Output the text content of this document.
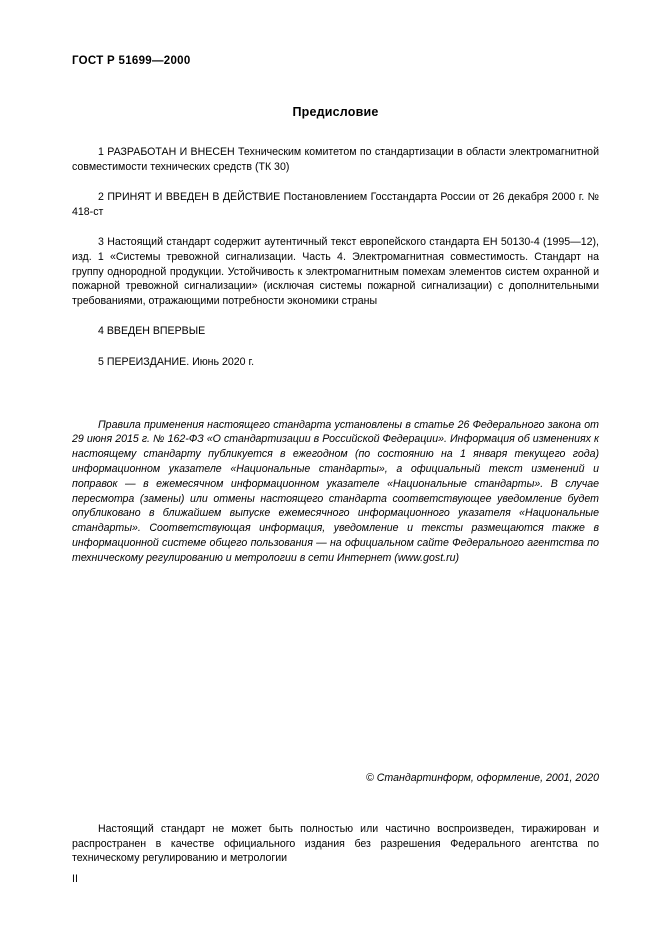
ГОСТ Р 51699—2000
Предисловие

1 РАЗРАБОТАН И ВНЕСЕН Техническим комитетом по стандартизации в области электромагнитной совместимости технических средств (ТК 30)

2 ПРИНЯТ И ВВЕДЕН В ДЕЙСТВИЕ Постановлением Госстандарта России от 26 декабря 2000 г. № 418-ст

3 Настоящий стандарт содержит аутентичный текст европейского стандарта ЕН 50130-4 (1995—12), изд. 1 «Системы тревожной сигнализации. Часть 4. Электромагнитная совместимость. Стандарт на группу однородной продукции. Устойчивость к электромагнитным помехам элементов систем охранной и пожарной тревожной сигнализации» (исключая системы пожарной сигнализации) с дополнительными требованиями, отражающими потребности экономики страны

4 ВВЕДЕН ВПЕРВЫЕ

5 ПЕРЕИЗДАНИЕ. Июнь 2020 г.

Правила применения настоящего стандарта установлены в статье 26 Федерального закона от 29 июня 2015 г. № 162-ФЗ «О стандартизации в Российской Федерации». Информация об изменениях к настоящему стандарту публикуется в ежегодном (по состоянию на 1 января текущего года) информационном указателе «Национальные стандарты», а официальный текст изменений и поправок — в ежемесячном информационном указателе «Национальные стандарты». В случае пересмотра (замены) или отмены настоящего стандарта соответствующее уведомление будет опубликовано в ближайшем выпуске ежемесячного информационного указателя «Национальные стандарты». Соответствующая информация, уведомление и тексты размещаются также в информационной системе общего пользования — на официальном сайте Федерального агентства по техническому регулированию и метрологии в сети Интернет (www.gost.ru)

© Стандартинформ, оформление, 2001, 2020
Настоящий стандарт не может быть полностью или частично воспроизведен, тиражирован и распространен в качестве официального издания без разрешения Федерального агентства по техническому регулированию и метрологии
II
